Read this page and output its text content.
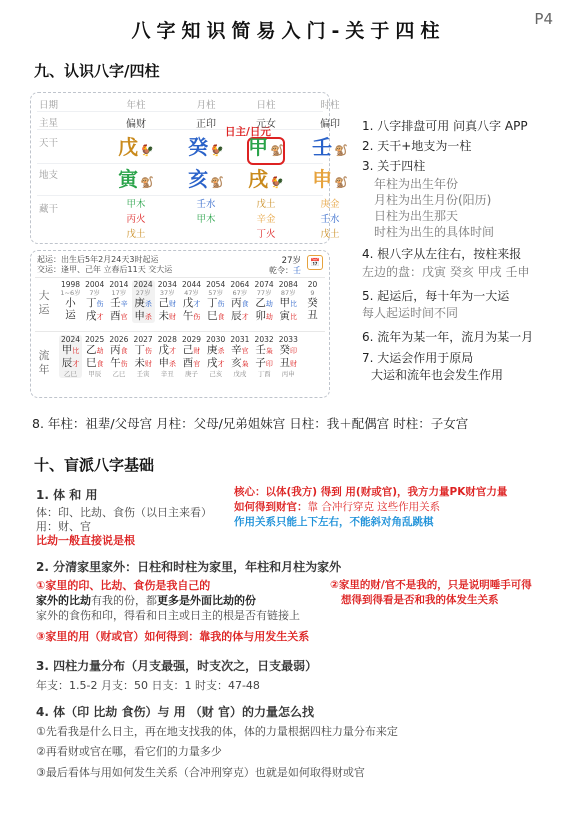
八字知识简易入门-关于四柱
P4
九、认识八字/四柱
日期
主星
天干
地支
藏干
日主/日元
年柱
偏财
戊 🐓
寅 🐒
甲木
丙火
戊土
月柱
正印
癸 🐓
亥 🐒
壬水
甲木
日柱
元女
甲 🐒
戌 🐓
戊土
辛金
丁火
时柱
偏印
壬 🐒
申 🐒
庚金
壬水
戊土
起运：出生后5年2月24天3时起运
交运：逢甲、己年 立春后11天 交大运
27岁
乾令：壬
📅
大运
流年
1998
1~6岁
小
运
2004
7岁
丁伤
戌才
2014
17岁
壬辛
酉官
2024
27岁
庚杀
申杀
2034
37岁
己财
未财
2044
47岁
戊才
午伤
2054
57岁
丁伤
巳食
2064
67岁
丙食
辰才
2074
77岁
乙劫
卯劫
2084
87岁
甲比
寅比
20
9
癸
丑
2024
甲比
辰才
乙巳
2025
乙劫
巳食
甲辰
2026
丙食
午伤
乙巳
2027
丁伤
未财
壬寅
2028
戊才
申杀
辛丑
2029
己财
酉官
庚子
2030
庚杀
戌才
己亥
2031
辛官
亥枭
戊戌
2032
壬枭
子印
丁酉
2033
癸印
丑财
丙申
1. 八字排盘可用 问真八字 APP
2. 天干+地支为一柱
3. 关于四柱
年柱为出生年份
月柱为出生月份(阳历)
日柱为出生那天
时柱为出生的具体时间
4. 根八字从左往右，按柱来报
左边的盘：戊寅 癸亥 甲戌 壬申
5. 起运后，每十年为一大运
每人起运时间不同
6. 流年为某一年，流月为某一月
7. 大运会作用于原局
大运和流年也会发生作用
8. 年柱：祖辈/父母宫 月柱：父母/兄弟姐妹宫 日柱：我＋配偶宫 时柱：子女宫
十、盲派八字基础
1. 体 和 用
体：印、比劫、食伤（以日主来看）
用：财、官
比劫一般直接说是根
核心：以体(我方) 得到 用(财或官)，我方力量PK财官力量
如何得到财官：靠 合冲行穿克 这些作用关系
作用关系只能上下左右，不能斜对角乱跳棋
2. 分清家里家外：日柱和时柱为家里，年柱和月柱为家外
①家里的印、比劫、食伤是我自己的
家外的比劫有我的份，都更多是外面比劫的份
家外的食伤和印，得看和日主或日主的根是否有链接上
②家里的财/官不是我的，只是说明唾手可得
想得到得看是否和我的体发生关系
③家里的用（财或官）如何得到：靠我的体与用发生关系
3. 四柱力量分布（月支最强，时支次之，日支最弱）
年支：1.5-2 月支：50 日支：1 时支：47-48
4. 体（印 比劫 食伤）与 用 （财 官）的力量怎么找
①先看我是什么日主，再在地支找我的体，体的力量根据四柱力量分布来定
②再看财或官在哪，看它们的力量多少
③最后看体与用如何发生关系（合冲刑穿克）也就是如何取得财或官
